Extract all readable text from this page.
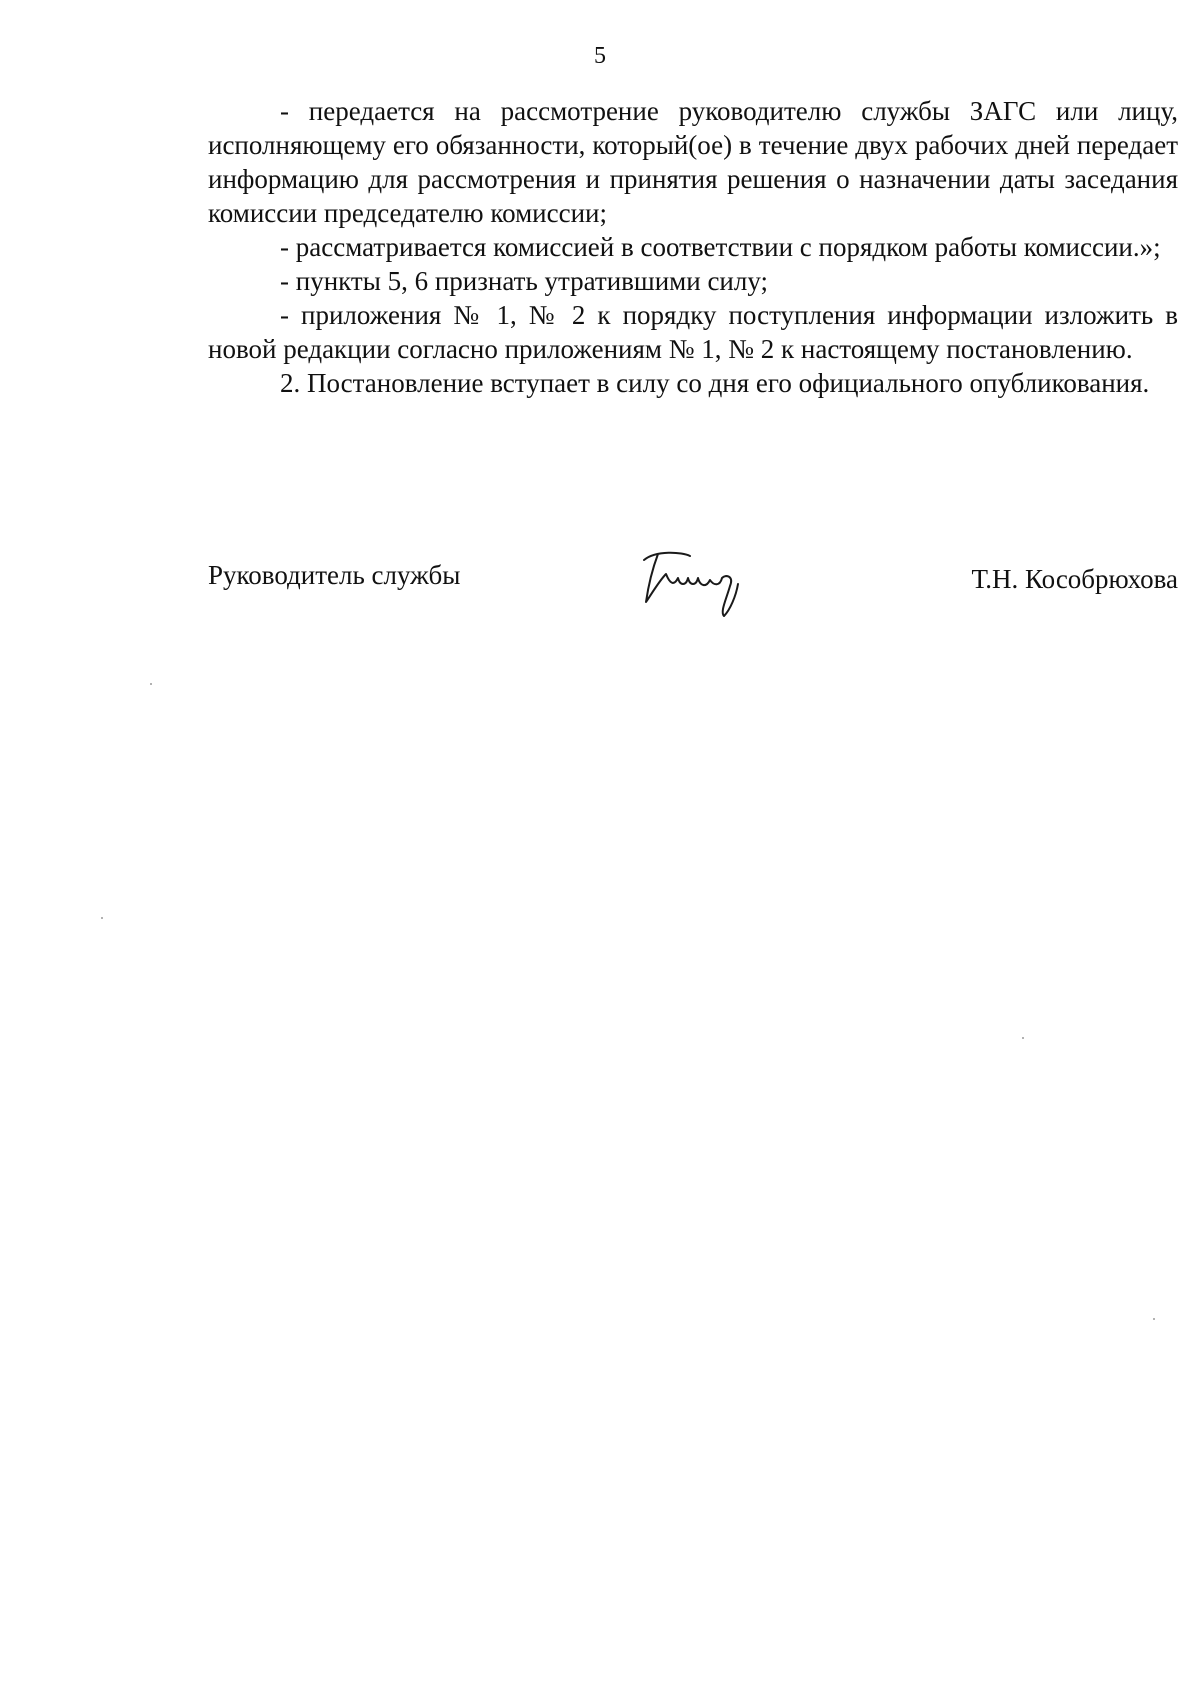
5

- передается на рассмотрение руководителю службы ЗАГС или лицу, исполняющему его обязанности, который(ое) в течение двух рабочих дней передает информацию для рассмотрения и принятия решения о назначении даты заседания комиссии председателю комиссии;

- рассматривается комиссией в соответствии с порядком работы комиссии.»;

- пункты 5, 6 признать утратившими силу;

- приложения № 1, № 2 к порядку поступления информации изложить в новой редакции согласно приложениям № 1, № 2 к настоящему постановлению.

2. Постановление вступает в силу со дня его официального опубликования.

Руководитель службы	Т.Н. Кособрюхова
